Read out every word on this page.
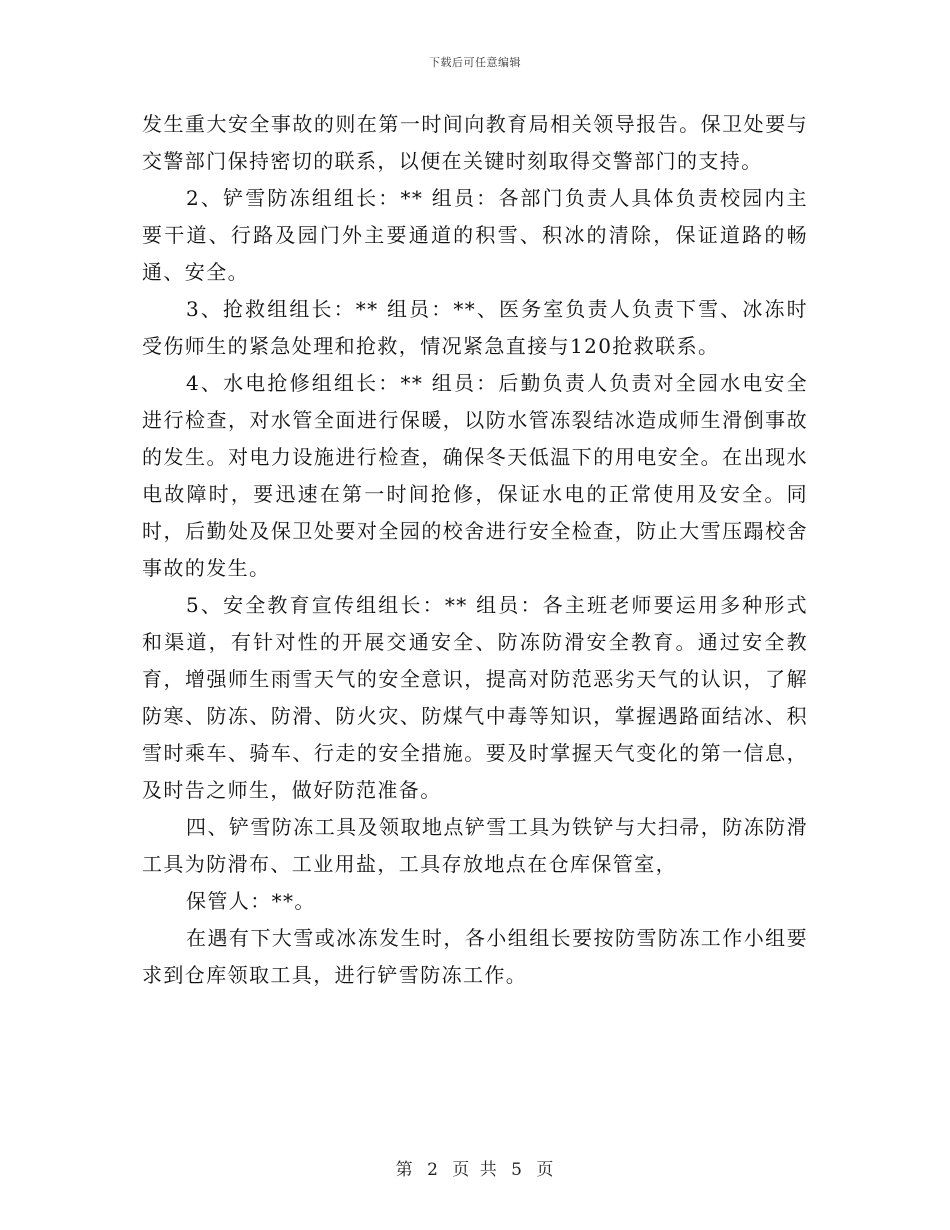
下载后可任意编辑

发生重大安全事故的则在第一时间向教育局相关领导报告。保卫处要与交警部门保持密切的联系，以便在关键时刻取得交警部门的支持。

2、铲雪防冻组组长：** 组员：各部门负责人具体负责校园内主要干道、行路及园门外主要通道的积雪、积冰的清除，保证道路的畅通、安全。

3、抢救组组长：** 组员：**、医务室负责人负责下雪、冰冻时受伤师生的紧急处理和抢救，情况紧急直接与120抢救联系。

4、水电抢修组组长：** 组员：后勤负责人负责对全园水电安全进行检查，对水管全面进行保暖，以防水管冻裂结冰造成师生滑倒事故的发生。对电力设施进行检查，确保冬天低温下的用电安全。在出现水电故障时，要迅速在第一时间抢修，保证水电的正常使用及安全。同时，后勤处及保卫处要对全园的校舍进行安全检查，防止大雪压蹋校舍事故的发生。

5、安全教育宣传组组长：** 组员：各主班老师要运用多种形式和渠道，有针对性的开展交通安全、防冻防滑安全教育。通过安全教育，增强师生雨雪天气的安全意识，提高对防范恶劣天气的认识，了解防寒、防冻、防滑、防火灾、防煤气中毒等知识，掌握遇路面结冰、积雪时乘车、骑车、行走的安全措施。要及时掌握天气变化的第一信息，及时告之师生，做好防范准备。

四、铲雪防冻工具及领取地点铲雪工具为铁铲与大扫帚，防冻防滑工具为防滑布、工业用盐，工具存放地点在仓库保管室，

保管人：**。

在遇有下大雪或冰冻发生时，各小组组长要按防雪防冻工作小组要求到仓库领取工具，进行铲雪防冻工作。

第 2 页 共 5 页
